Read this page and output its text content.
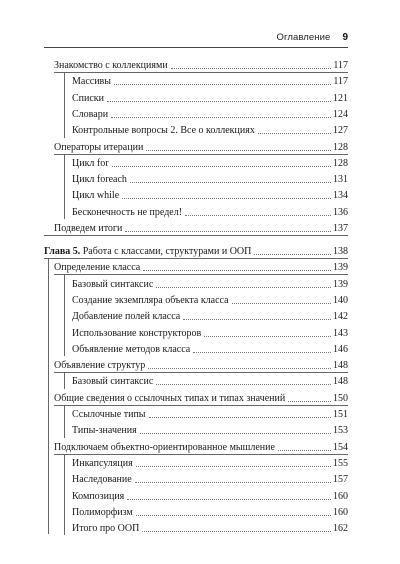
Оглавление 9
Знакомство с коллекциями	117
Массивы	117
Списки	121
Словари	124
Контрольные вопросы 2. Все о коллекциях	127
Операторы итерации	128
Цикл for	128
Цикл foreach	131
Цикл while	134
Бесконечность не предел!	136
Подведем итоги	137
Глава 5. Работа с классами, структурами и ООП	138
Определение класса	139
Базовый синтаксис	139
Создание экземпляра объекта класса	140
Добавление полей класса	142
Использование конструкторов	143
Объявление методов класса	146
Объявление структур	148
Базовый синтаксис	148
Общие сведения о ссылочных типах и типах значений	150
Ссылочные типы	151
Типы-значения	153
Подключаем объектно-ориентированное мышление	154
Инкапсуляция	155
Наследование	157
Композиция	160
Полиморфизм	160
Итого про ООП	162
